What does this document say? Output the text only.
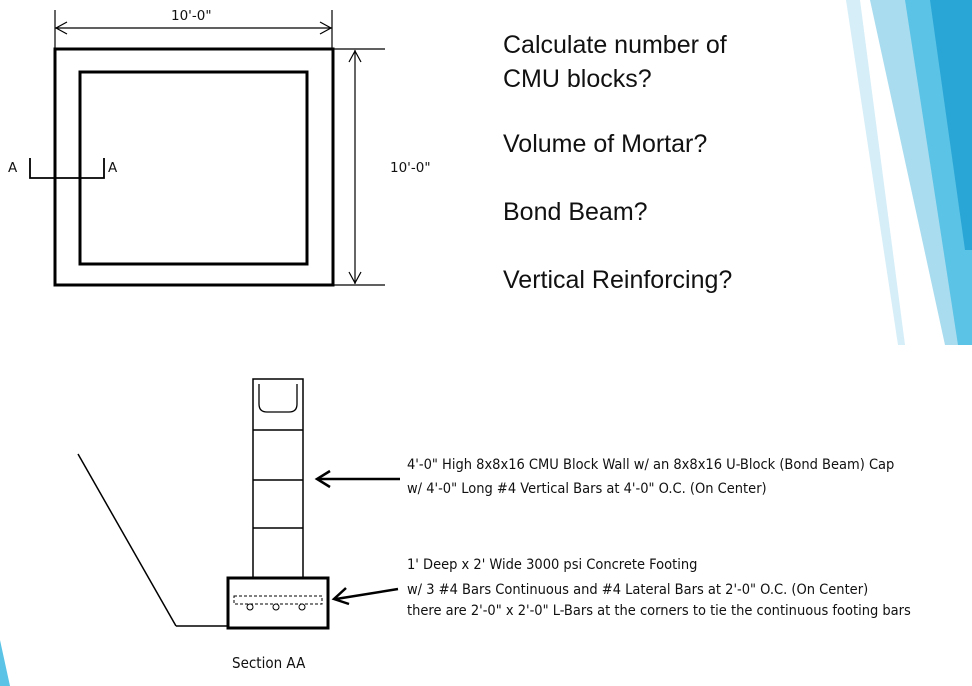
10'-0"
10'-0"
A	A
Calculate number of
CMU blocks?
Volume of Mortar?
Bond Beam?
Vertical Reinforcing?
4'-0" High 8x8x16 CMU Block Wall w/ an 8x8x16 U-Block (Bond Beam) Cap
w/ 4'-0" Long #4 Vertical Bars at 4'-0" O.C. (On Center)
1' Deep x 2' Wide 3000 psi Concrete Footing
w/ 3 #4 Bars Continuous and #4 Lateral Bars at 2'-0" O.C. (On Center)
there are 2'-0" x 2'-0" L-Bars at the corners to tie the continuous footing bars
Section AA
